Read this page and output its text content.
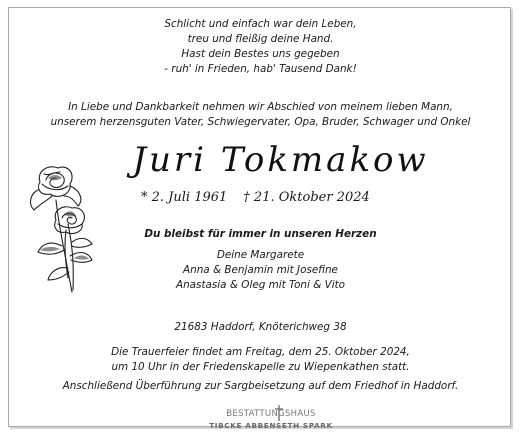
Schlicht und einfach war dein Leben,
treu und fleißig deine Hand.
Hast dein Bestes uns gegeben
- ruh' in Frieden, hab' Tausend Dank!
In Liebe und Dankbarkeit nehmen wir Abschied von meinem lieben Mann,
unserem herzensguten Vater, Schwiegervater, Opa, Bruder, Schwager und Onkel
Juri Tokmakow
* 2. Juli 1961 † 21. Oktober 2024
Du bleibst für immer in unseren Herzen
Deine Margarete
Anna & Benjamin mit Josefine
Anastasia & Oleg mit Toni & Vito
21683 Haddorf, Knöterichweg 38
Die Trauerfeier findet am Freitag, dem 25. Oktober 2024,
um 10 Uhr in der Friedenskapelle zu Wiepenkathen statt.
Anschließend Überführung zur Sargbeisetzung auf dem Friedhof in Haddorf.
BESTATTUNGSHAUS
TIBCKE ABBENSETH SPARK
